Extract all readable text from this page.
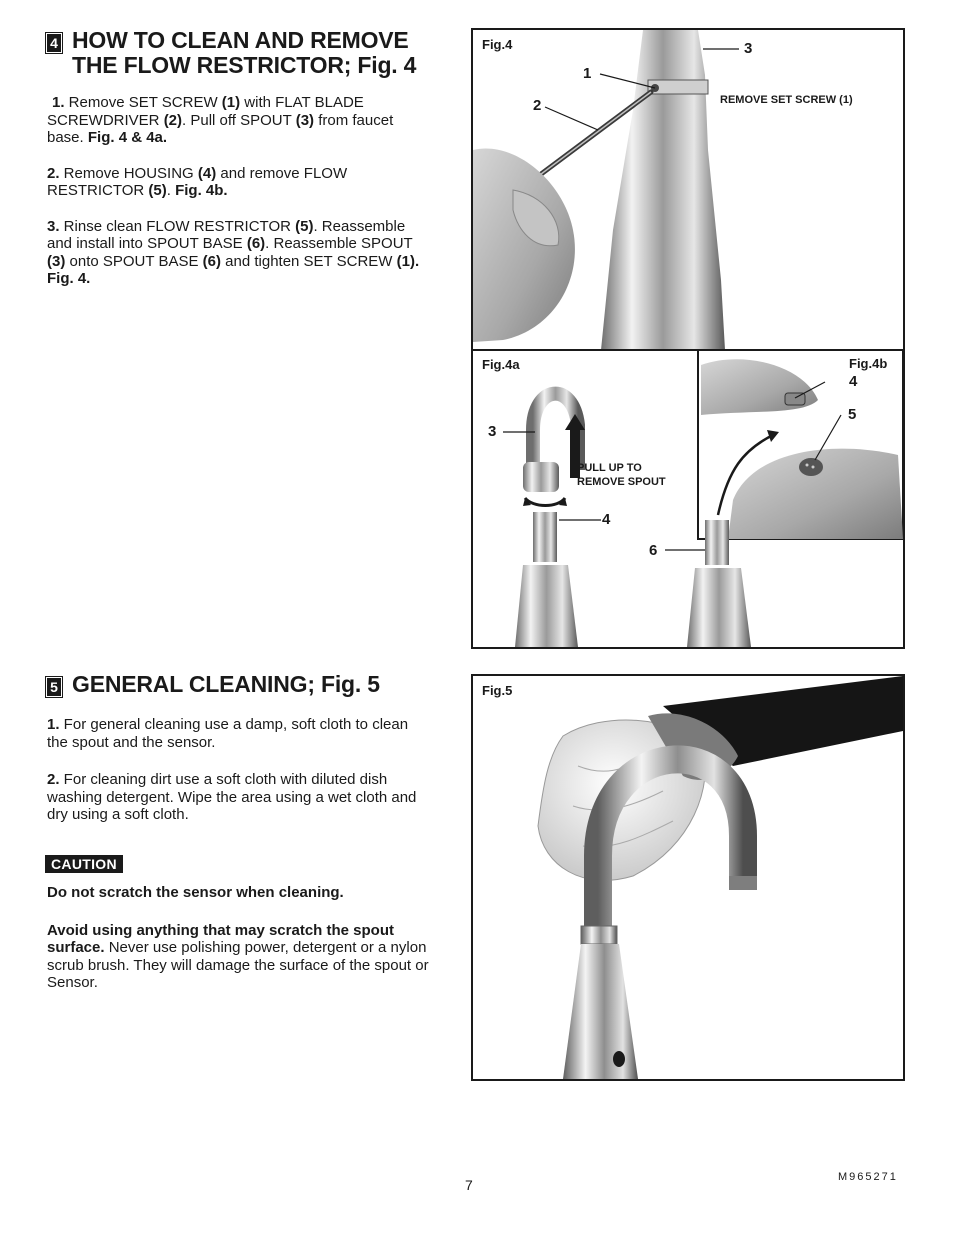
4 HOW TO CLEAN AND REMOVE
THE FLOW RESTRICTOR; Fig. 4

1. Remove SET SCREW (1) with FLAT BLADE SCREWDRIVER (2). Pull off SPOUT (3) from faucet base. Fig. 4 & 4a.

2. Remove HOUSING (4) and remove FLOW RESTRICTOR (5). Fig. 4b.

3. Rinse clean FLOW RESTRICTOR (5). Reassemble and install into SPOUT BASE (6). Reassemble SPOUT (3) onto SPOUT BASE (6) and tighten SET SCREW (1). Fig. 4.

Fig.4
1
2
3
REMOVE SET SCREW (1)
Fig.4a
3
4
6
PULL UP TO
REMOVE SPOUT
Fig.4b
4
5
5 GENERAL CLEANING; Fig. 5

1. For general cleaning use a damp, soft cloth to clean the spout and the sensor.

2. For cleaning dirt use a soft cloth with diluted dish washing detergent. Wipe the area using a wet cloth and dry using a soft cloth.

CAUTION

Do not scratch the sensor when cleaning.

Avoid using anything that may scratch the spout surface. Never use polishing power, detergent or a nylon scrub brush. They will damage the surface of the spout or Sensor.

Fig.5
7	M965271
